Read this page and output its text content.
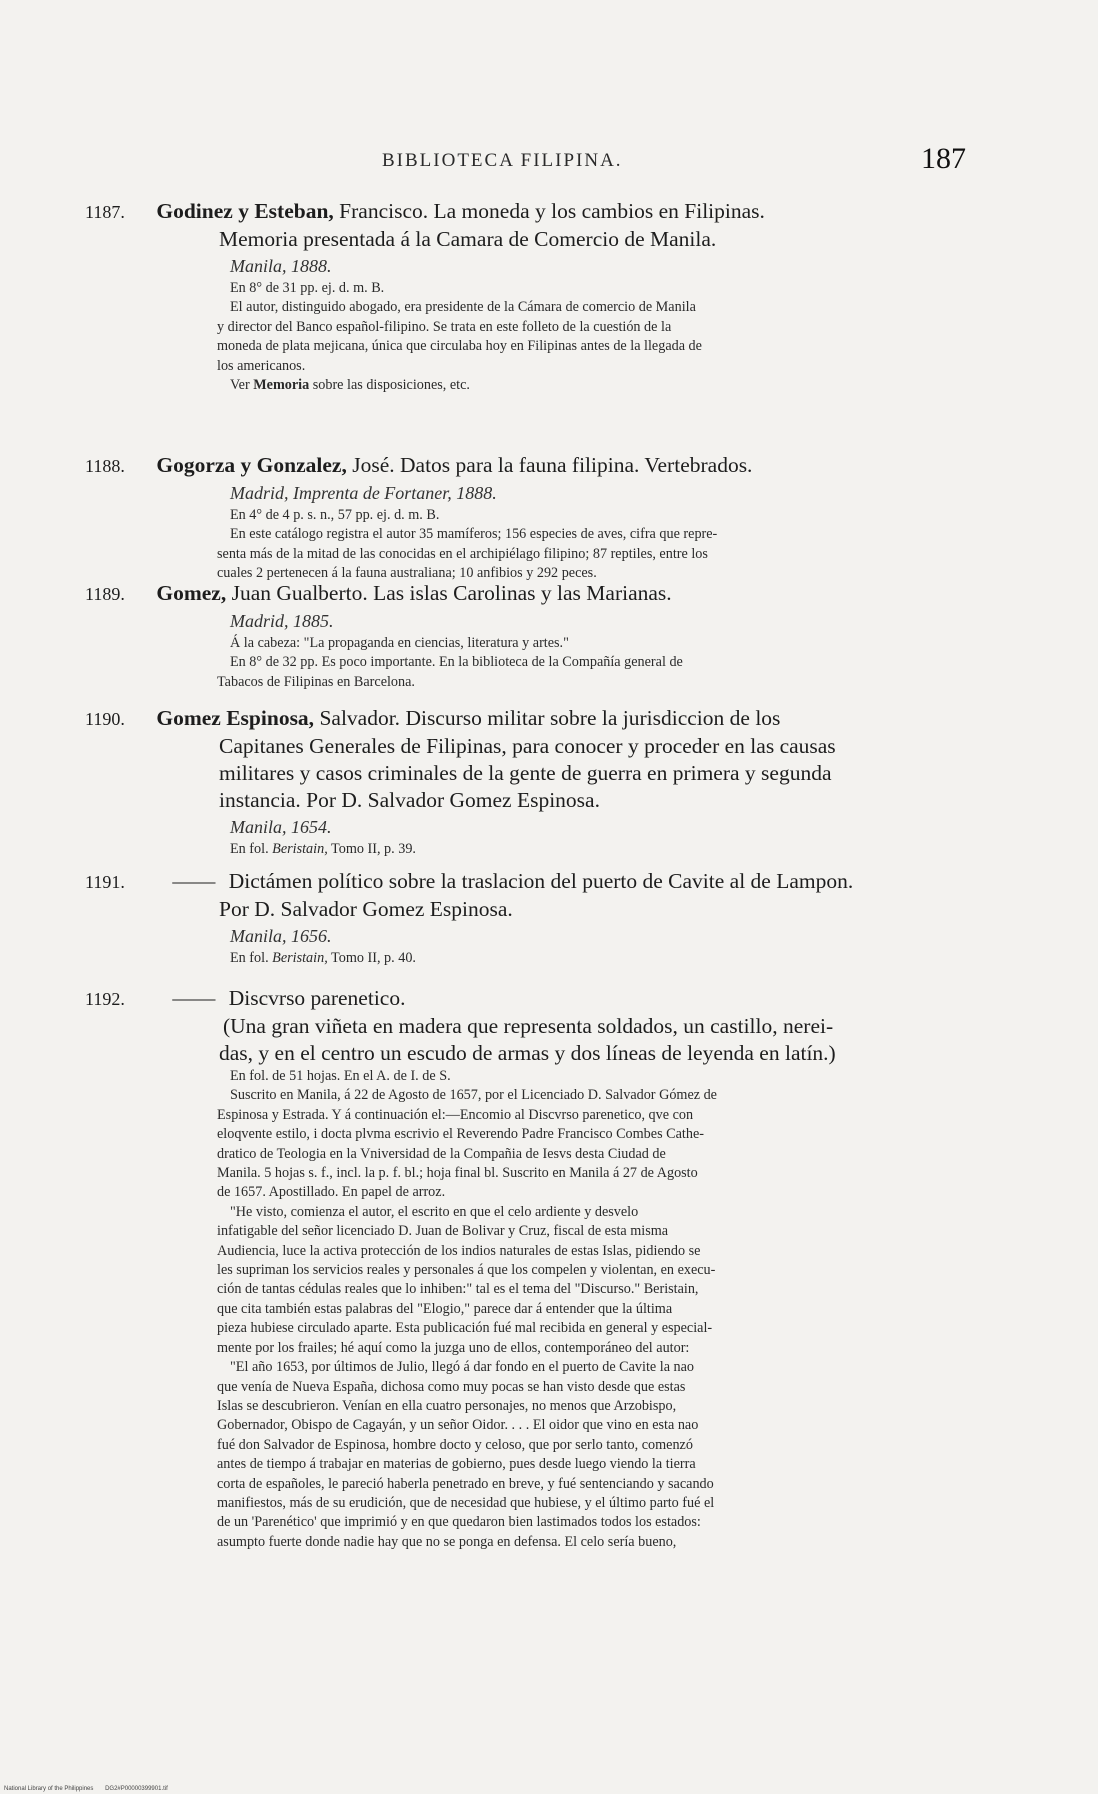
BIBLIOTECA FILIPINA.	187
1187. Godinez y Esteban, Francisco. La moneda y los cambios en Filipinas.
Memoria presentada á la Camara de Comercio de Manila.
Manila, 1888.
En 8° de 31 pp. ej. d. m. B.
El autor, distinguido abogado, era presidente de la Cámara de comercio de Manila
y director del Banco español-filipino. Se trata en este folleto de la cuestión de la
moneda de plata mejicana, única que circulaba hoy en Filipinas antes de la llegada de
los americanos.
Ver Memoria sobre las disposiciones, etc.
1188. Gogorza y Gonzalez, José. Datos para la fauna filipina. Vertebrados.
Madrid, Imprenta de Fortaner, 1888.
En 4° de 4 p. s. n., 57 pp. ej. d. m. B.
En este catálogo registra el autor 35 mamíferos; 156 especies de aves, cifra que repre-
senta más de la mitad de las conocidas en el archipiélago filipino; 87 reptiles, entre los
cuales 2 pertenecen á la fauna australiana; 10 anfibios y 292 peces.
1189. Gomez, Juan Gualberto. Las islas Carolinas y las Marianas.
Madrid, 1885.
Á la cabeza: "La propaganda en ciencias, literatura y artes."
En 8° de 32 pp. Es poco importante. En la biblioteca de la Compañía general de
Tabacos de Filipinas en Barcelona.
1190. Gomez Espinosa, Salvador. Discurso militar sobre la jurisdiccion de los
Capitanes Generales de Filipinas, para conocer y proceder en las causas
militares y casos criminales de la gente de guerra en primera y segunda
instancia. Por D. Salvador Gomez Espinosa.
Manila, 1654.
En fol. Beristain, Tomo II, p. 39.
1191. —— Dictámen político sobre la traslacion del puerto de Cavite al de Lampon.
Por D. Salvador Gomez Espinosa.
Manila, 1656.
En fol. Beristain, Tomo II, p. 40.
1192. —— Discvrso parenetico.
(Una gran viñeta en madera que representa soldados, un castillo, nerei-
das, y en el centro un escudo de armas y dos líneas de leyenda en latín.)
En fol. de 51 hojas. En el A. de I. de S.
Suscrito en Manila, á 22 de Agosto de 1657, por el Licenciado D. Salvador Gómez de
Espinosa y Estrada. Y á continuación el:—Encomio al Discvrso parenetico, qve con
eloqvente estilo, i docta plvma escrivio el Reverendo Padre Francisco Combes Cathe-
dratico de Teologia en la Vniversidad de la Compañia de Iesvs desta Ciudad de
Manila. 5 hojas s. f., incl. la p. f. bl.; hoja final bl. Suscrito en Manila á 27 de Agosto
de 1657. Apostillado. En papel de arroz.
"He visto, comienza el autor, el escrito en que el celo ardiente y desvelo
infatigable del señor licenciado D. Juan de Bolivar y Cruz, fiscal de esta misma
Audiencia, luce la activa protección de los indios naturales de estas Islas, pidiendo se
les supriman los servicios reales y personales á que los compelen y violentan, en execu-
ción de tantas cédulas reales que lo inhiben:" tal es el tema del "Discurso." Beristain,
que cita también estas palabras del "Elogio," parece dar á entender que la última
pieza hubiese circulado aparte. Esta publicación fué mal recibida en general y especial-
mente por los frailes; hé aquí como la juzga uno de ellos, contemporáneo del autor:
"El año 1653, por últimos de Julio, llegó á dar fondo en el puerto de Cavite la nao
que venía de Nueva España, dichosa como muy pocas se han visto desde que estas
Islas se descubrieron. Venían en ella cuatro personajes, no menos que Arzobispo,
Gobernador, Obispo de Cagayán, y un señor Oidor. . . . El oidor que vino en esta nao
fué don Salvador de Espinosa, hombre docto y celoso, que por serlo tanto, comenzó
antes de tiempo á trabajar en materias de gobierno, pues desde luego viendo la tierra
corta de españoles, le pareció haberla penetrado en breve, y fué sentenciando y sacando
manifiestos, más de su erudición, que de necesidad que hubiese, y el último parto fué el
de un 'Parenético' que imprimió y en que quedaron bien lastimados todos los estados:
asumpto fuerte donde nadie hay que no se ponga en defensa. El celo sería bueno,
National Library of the Philippines DG2#P00000399901.tif
